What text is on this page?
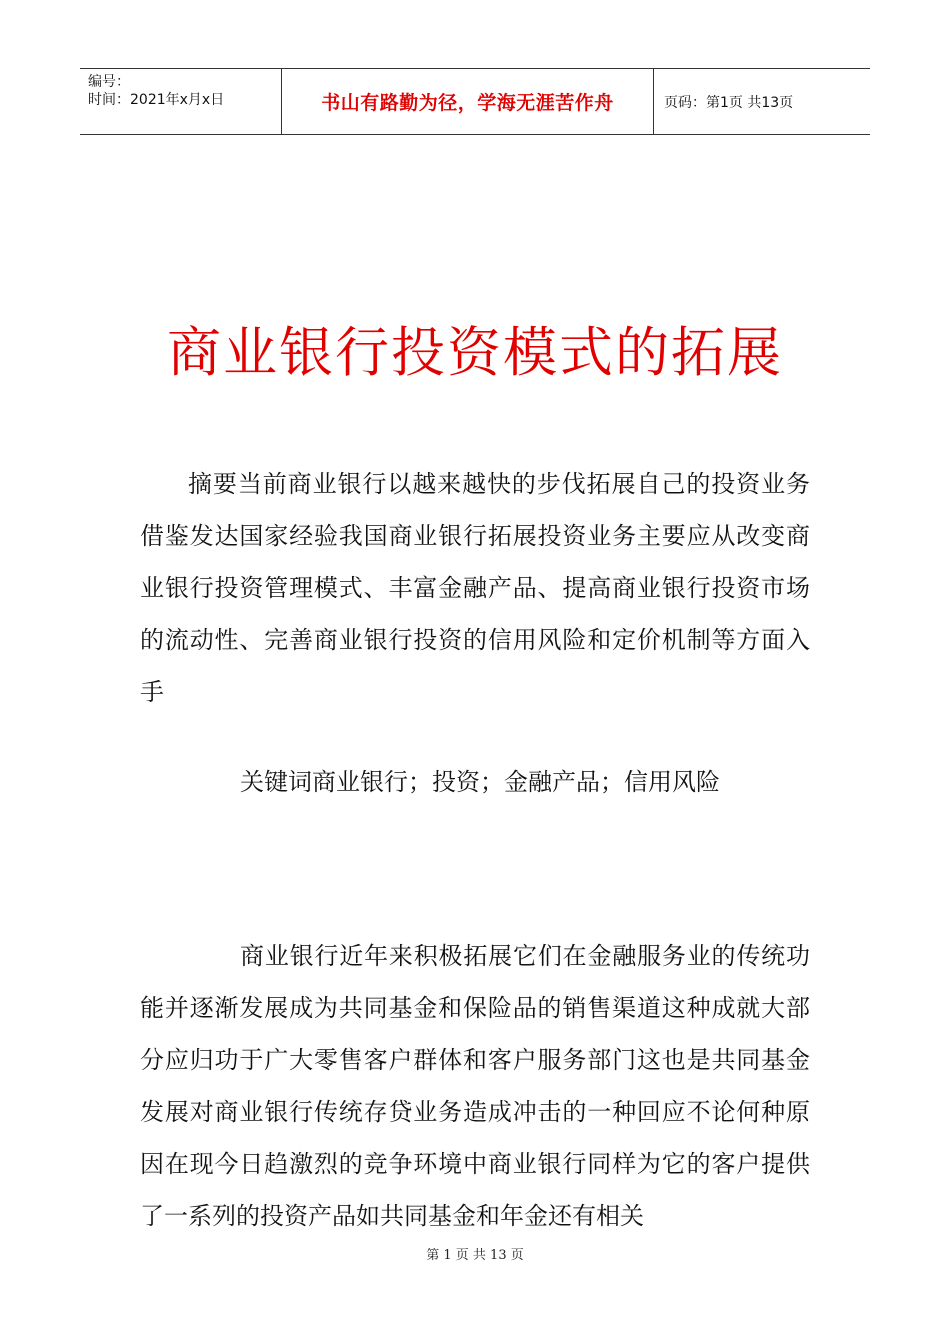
编号：
时间：2021年x月x日	书山有路勤为径，学海无涯苦作舟	页码：第1页 共13页
商业银行投资模式的拓展

摘要当前商业银行以越来越快的步伐拓展自己的投资业务借鉴发达国家经验我国商业银行拓展投资业务主要应从改变商业银行投资管理模式、丰富金融产品、提高商业银行投资市场的流动性、完善商业银行投资的信用风险和定价机制等方面入手

关键词商业银行；投资；金融产品；信用风险

商业银行近年来积极拓展它们在金融服务业的传统功能并逐渐发展成为共同基金和保险品的销售渠道这种成就大部分应归功于广大零售客户群体和客户服务部门这也是共同基金发展对商业银行传统存贷业务造成冲击的一种回应不论何种原因在现今日趋激烈的竞争环境中商业银行同样为它的客户提供了一系列的投资产品如共同基金和年金还有相关

第 1 页 共 13 页
